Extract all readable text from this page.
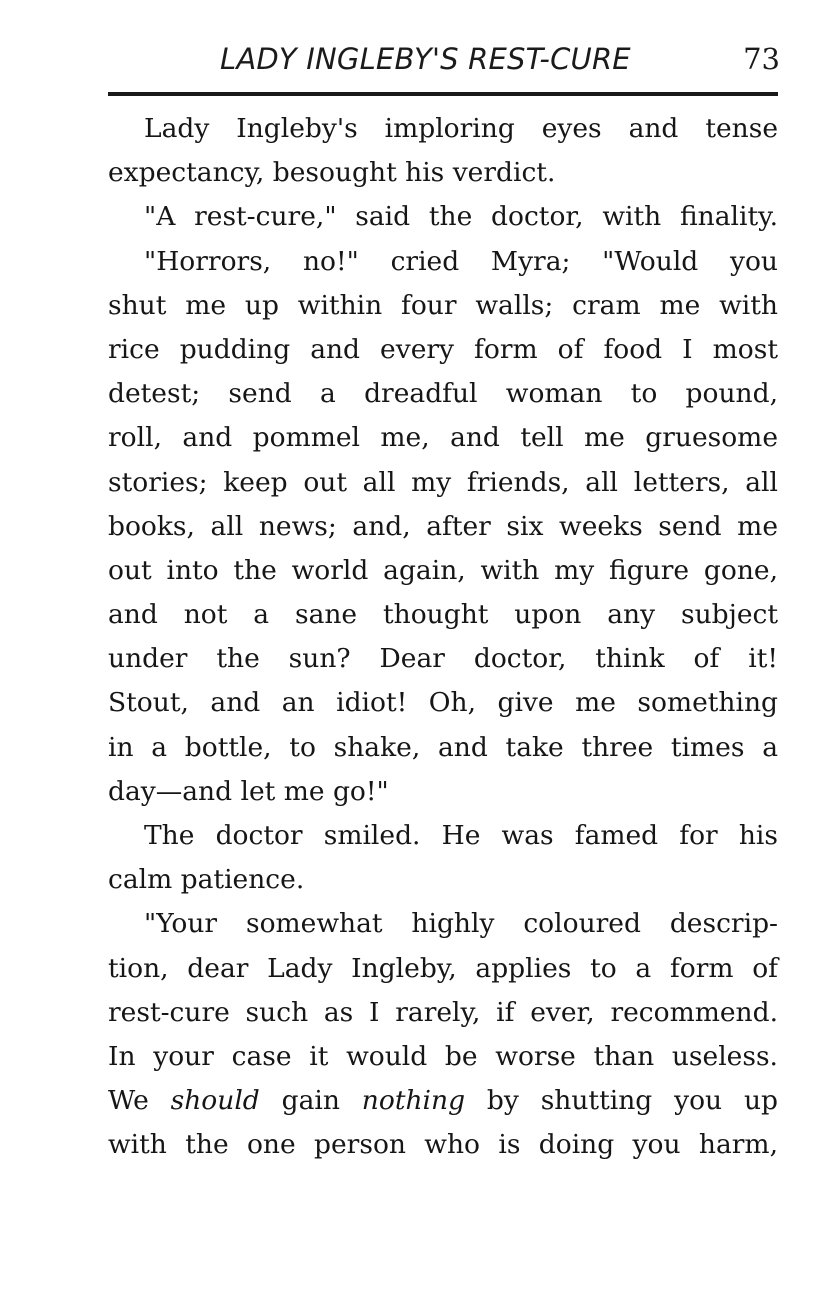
LADY INGLEBY'S REST-CURE	73
Lady Ingleby's imploring eyes and tense
expectancy, besought his verdict.
"A rest-cure," said the doctor, with finality.
"Horrors, no!" cried Myra; "Would you
shut me up within four walls; cram me with
rice pudding and every form of food I most
detest; send a dreadful woman to pound,
roll, and pommel me, and tell me gruesome
stories; keep out all my friends, all letters, all
books, all news; and, after six weeks send me
out into the world again, with my figure gone,
and not a sane thought upon any subject
under the sun? Dear doctor, think of it!
Stout, and an idiot! Oh, give me something
in a bottle, to shake, and take three times a
day—and let me go!"
The doctor smiled. He was famed for his
calm patience.
"Your somewhat highly coloured descrip-
tion, dear Lady Ingleby, applies to a form of
rest-cure such as I rarely, if ever, recommend.
In your case it would be worse than useless.
We should gain nothing by shutting you up
with the one person who is doing you harm,
